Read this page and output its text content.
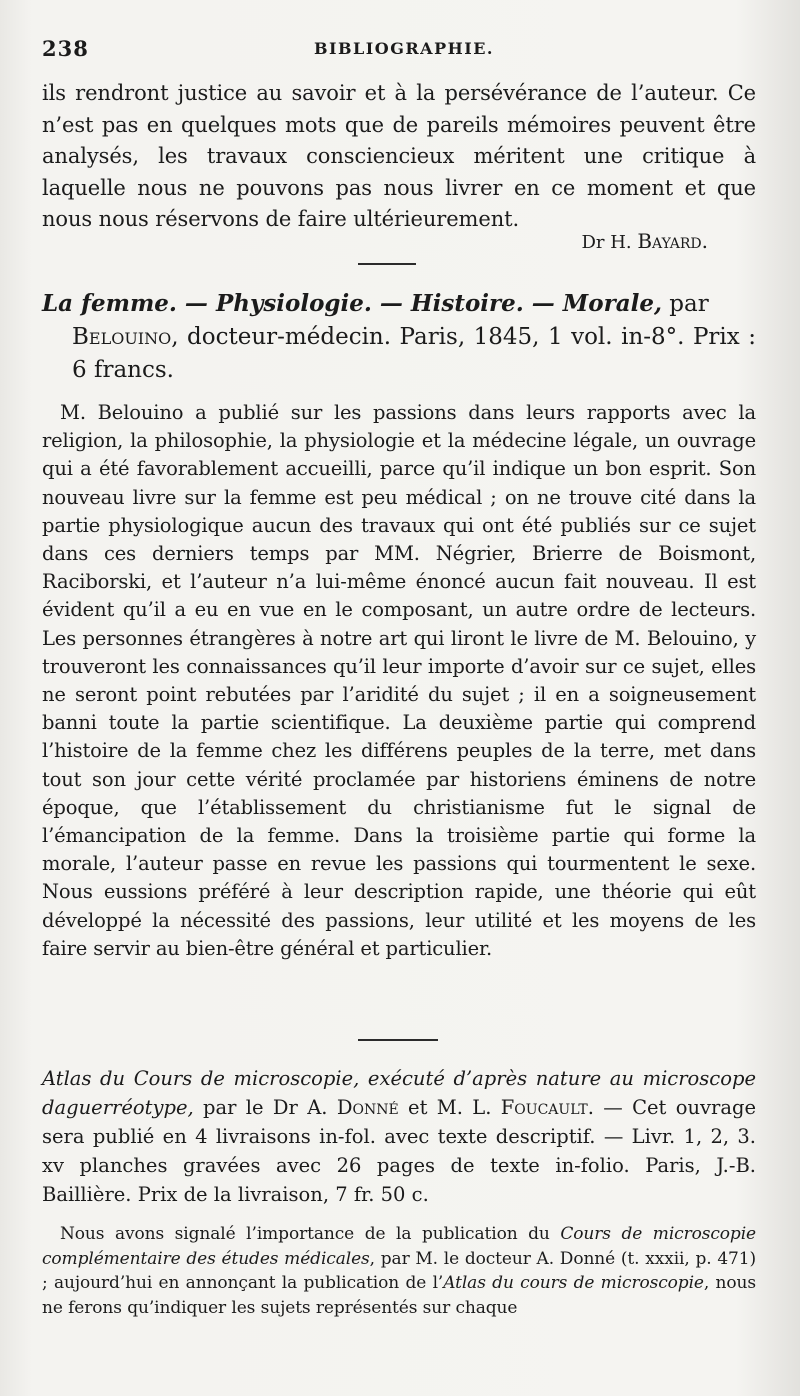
238	BIBLIOGRAPHIE.

ils rendront justice au savoir et à la persévérance de l’auteur. Ce n’est pas en quelques mots que de pareils mémoires peuvent être analysés, les travaux consciencieux méritent une critique à laquelle nous ne pouvons pas nous livrer en ce moment et que nous nous réservons de faire ultérieurement.

Dr H. Bayard.

La femme. — Physiologie. — Histoire. — Morale, par

Belouino, docteur-médecin. Paris, 1845, 1 vol. in-8°. Prix : 6 francs.

M. Belouino a publié sur les passions dans leurs rapports avec la religion, la philosophie, la physiologie et la médecine légale, un ouvrage qui a été favorablement accueilli, parce qu’il indique un bon esprit. Son nouveau livre sur la femme est peu médical ; on ne trouve cité dans la partie physiologique aucun des travaux qui ont été publiés sur ce sujet dans ces derniers temps par MM. Négrier, Brierre de Boismont, Raciborski, et l’auteur n’a lui-même énoncé aucun fait nouveau. Il est évident qu’il a eu en vue en le composant, un autre ordre de lecteurs. Les personnes étrangères à notre art qui liront le livre de M. Belouino, y trouveront les connaissances qu’il leur importe d’avoir sur ce sujet, elles ne seront point rebutées par l’aridité du sujet ; il en a soigneusement banni toute la partie scientifique. La deuxième partie qui comprend l’histoire de la femme chez les différens peuples de la terre, met dans tout son jour cette vérité proclamée par historiens éminens de notre époque, que l’établissement du christianisme fut le signal de l’émancipation de la femme. Dans la troisième partie qui forme la morale, l’auteur passe en revue les passions qui tourmentent le sexe. Nous eussions préféré à leur description rapide, une théorie qui eût développé la nécessité des passions, leur utilité et les moyens de les faire servir au bien-être général et particulier.

Atlas du Cours de microscopie, exécuté d’après nature au microscope daguerréotype, par le Dr A. Donné et M. L. Foucault. — Cet ouvrage sera publié en 4 livraisons in-fol. avec texte descriptif. — Livr. 1, 2, 3. xv planches gravées avec 26 pages de texte in-folio. Paris, J.-B. Baillière. Prix de la livraison, 7 fr. 50 c.

Nous avons signalé l’importance de la publication du Cours de microscopie complémentaire des études médicales, par M. le docteur A. Donné (t. xxxii, p. 471) ; aujourd’hui en annonçant la publication de l’Atlas du cours de microscopie, nous ne ferons qu’indiquer les sujets représentés sur chaque
